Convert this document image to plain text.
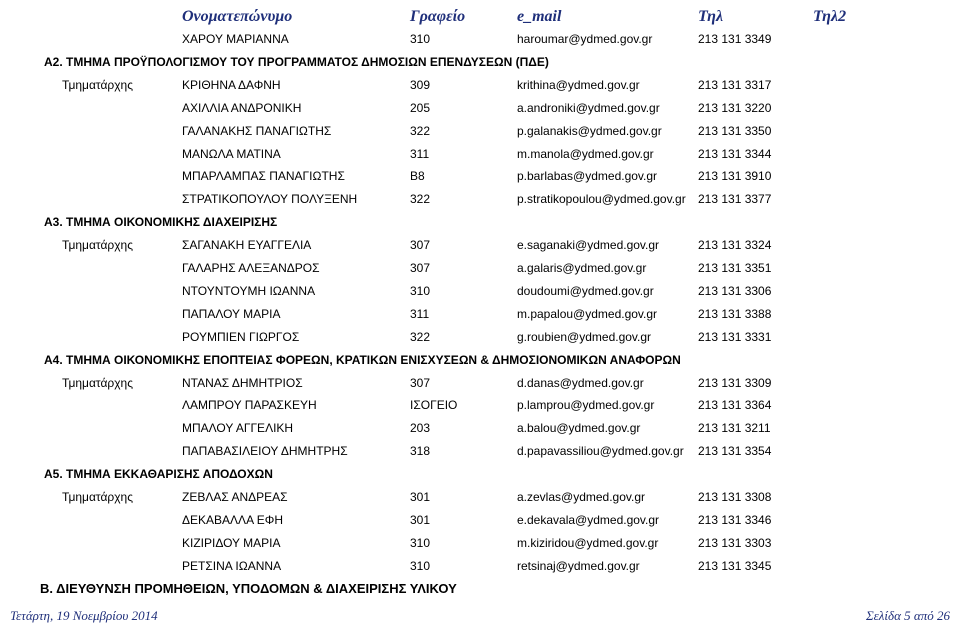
Ονοματεπώνυμο	Γραφείο	e_mail	Τηλ	Τηλ2
ΧΑΡΟΥ ΜΑΡΙΑΝΝΑ	310	haroumar@ydmed.gov.gr	213 131 3349
Α2. ΤΜΗΜΑ ΠΡΟΫΠΟΛΟΓΙΣΜΟΥ ΤΟΥ ΠΡΟΓΡΑΜΜΑΤΟΣ ΔΗΜΟΣΙΩΝ ΕΠΕΝΔΥΣΕΩΝ (ΠΔΕ)
Τμηματάρχης	ΚΡΙΘΗΝΑ ΔΑΦΝΗ	309	krithina@ydmed.gov.gr	213 131 3317
ΑΧΙΛΛΙΑ ΑΝΔΡΟΝΙΚΗ	205	a.androniki@ydmed.gov.gr	213 131 3220
ΓΑΛΑΝΑΚΗΣ ΠΑΝΑΓΙΩΤΗΣ	322	p.galanakis@ydmed.gov.gr	213 131 3350
ΜΑΝΩΛΑ ΜΑΤΙΝΑ	311	m.manola@ydmed.gov.gr	213 131 3344
ΜΠΑΡΛΑΜΠΑΣ ΠΑΝΑΓΙΩΤΗΣ	Β8	p.barlabas@ydmed.gov.gr	213 131 3910
ΣΤΡΑΤΙΚΟΠΟΥΛΟΥ ΠΟΛΥΞΕΝΗ	322	p.stratikopoulou@ydmed.gov.gr 213 131 3377
Α3. ΤΜΗΜΑ ΟΙΚΟΝΟΜΙΚΗΣ ΔΙΑΧΕΙΡΙΣΗΣ
Τμηματάρχης	ΣΑΓΑΝΑΚΗ ΕΥΑΓΓΕΛΙΑ	307	e.saganaki@ydmed.gov.gr	213 131 3324
ΓΑΛΑΡΗΣ ΑΛΕΞΑΝΔΡΟΣ	307	a.galaris@ydmed.gov.gr	213 131 3351
ΝΤΟΥΝΤΟΥΜΗ ΙΩΑΝΝΑ	310	doudoumi@ydmed.gov.gr	213 131 3306
ΠΑΠΑΛΟΥ ΜΑΡΙΑ	311	m.papalou@ydmed.gov.gr	213 131 3388
ΡΟΥΜΠΙΕΝ ΓΙΩΡΓΟΣ	322	g.roubien@ydmed.gov.gr	213 131 3331
Α4. ΤΜΗΜΑ ΟΙΚΟΝΟΜΙΚΗΣ ΕΠΟΠΤΕΙΑΣ ΦΟΡΕΩΝ, ΚΡΑΤΙΚΩΝ ΕΝΙΣΧΥΣΕΩΝ & ΔΗΜΟΣΙΟΝΟΜΙΚΩΝ ΑΝΑΦΟΡΩΝ
Τμηματάρχης	ΝΤΑΝΑΣ ΔΗΜΗΤΡΙΟΣ	307	d.danas@ydmed.gov.gr	213 131 3309
ΛΑΜΠΡΟΥ ΠΑΡΑΣΚΕΥΗ	ΙΣΟΓΕΙΟ	p.lamprou@ydmed.gov.gr	213 131 3364
ΜΠΑΛΟΥ ΑΓΓΕΛΙΚΗ	203	a.balou@ydmed.gov.gr	213 131 3211
ΠΑΠΑΒΑΣΙΛΕΙΟΥ ΔΗΜΗΤΡΗΣ	318	d.papavassiliou@ydmed.gov.gr 213 131 3354
Α5. ΤΜΗΜΑ ΕΚΚΑΘΑΡΙΣΗΣ ΑΠΟΔΟΧΩΝ
Τμηματάρχης	ΖΕΒΛΑΣ ΑΝΔΡΕΑΣ	301	a.zevlas@ydmed.gov.gr	213 131 3308
ΔΕΚΑΒΑΛΛΑ ΕΦΗ	301	e.dekavala@ydmed.gov.gr	213 131 3346
ΚΙΖΙΡΙΔΟΥ ΜΑΡΙΑ	310	m.kiziridou@ydmed.gov.gr	213 131 3303
ΡΕΤΣΙΝΑ ΙΩΑΝΝΑ	310	retsinaj@ydmed.gov.gr	213 131 3345
Β. ΔΙΕΥΘΥΝΣΗ ΠΡΟΜΗΘΕΙΩΝ, ΥΠΟΔΟΜΩΝ & ΔΙΑΧΕΙΡΙΣΗΣ ΥΛΙΚΟΥ
Τετάρτη, 19 Νοεμβρίου 2014	Σελίδα 5 από 26
